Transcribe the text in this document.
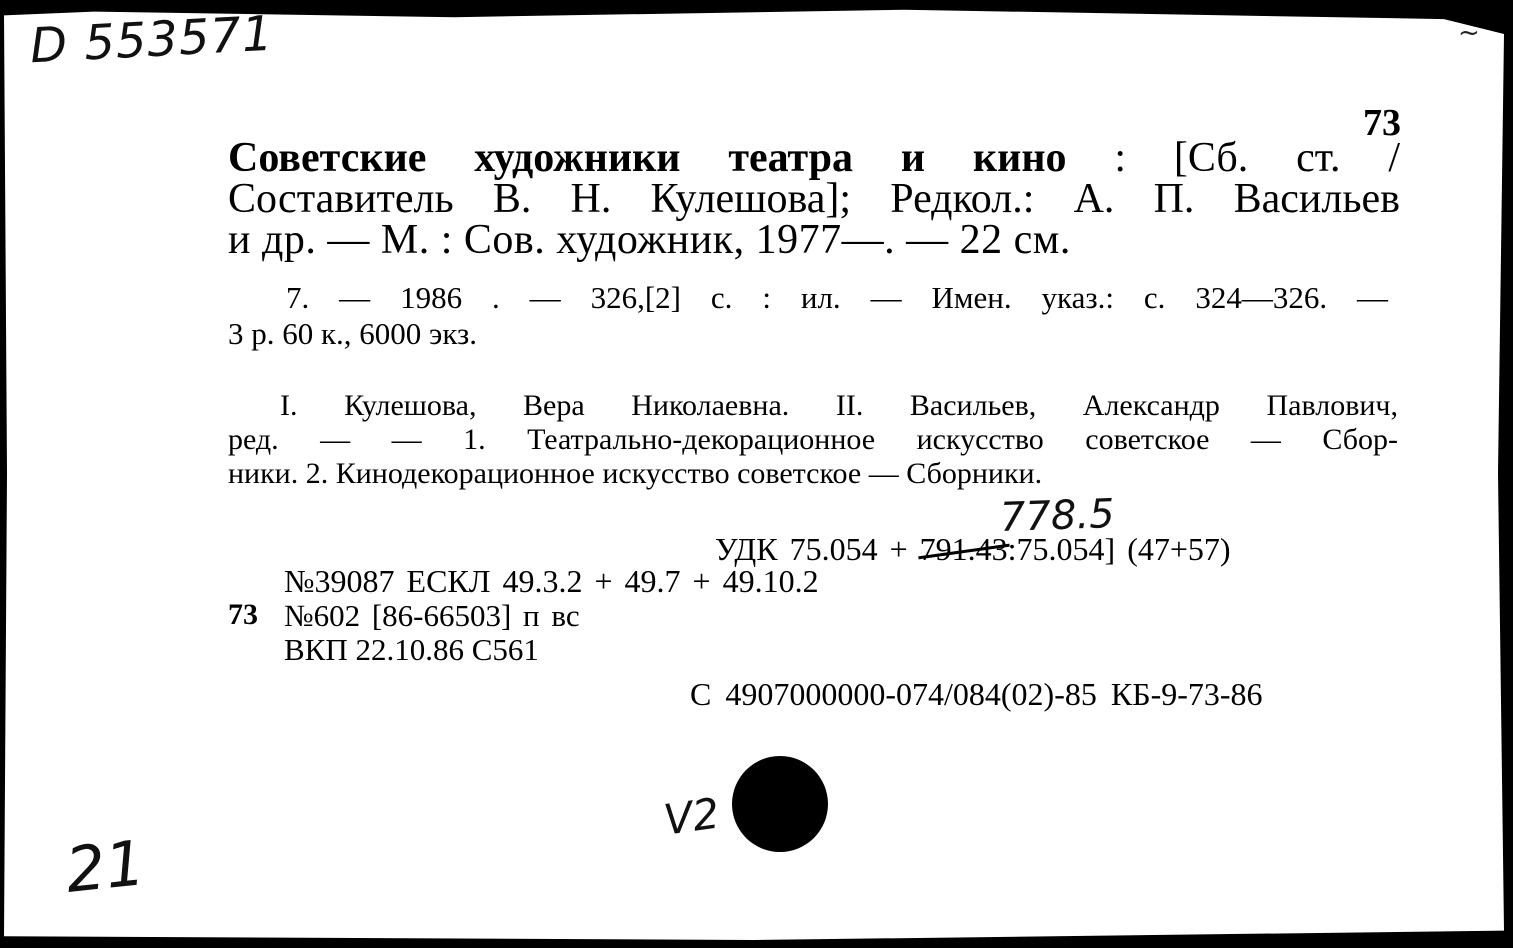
D 553571	~
73
Советские художники театра и кино : [Сб. ст. /
Составитель В. Н. Кулешова]; Редкол.: А. П. Васильев
и др. — М. : Сов. художник, 1977—. — 22 см.
7. — 1986 . — 326,[2] с. : ил. — Имен. указ.: с. 324—326. —
3 р. 60 к., 6000 экз.
I. Кулешова, Вера Николаевна. II. Васильев, Александр Павлович,
ред. — — 1. Театрально-декорационное искусство советское — Сбор-
ники. 2. Кинодекорационное искусство советское — Сборники.
778.5
УДК 75.054 + 791.43:75.054] (47+57)
№39087 ЕСКЛ 49.3.2 + 49.7 + 49.10.2
73 №602 [86-66503] п вс
ВКП 22.10.86 С561
С 4907000000-074/084(02)-85 КБ-9-73-86
V2
21
